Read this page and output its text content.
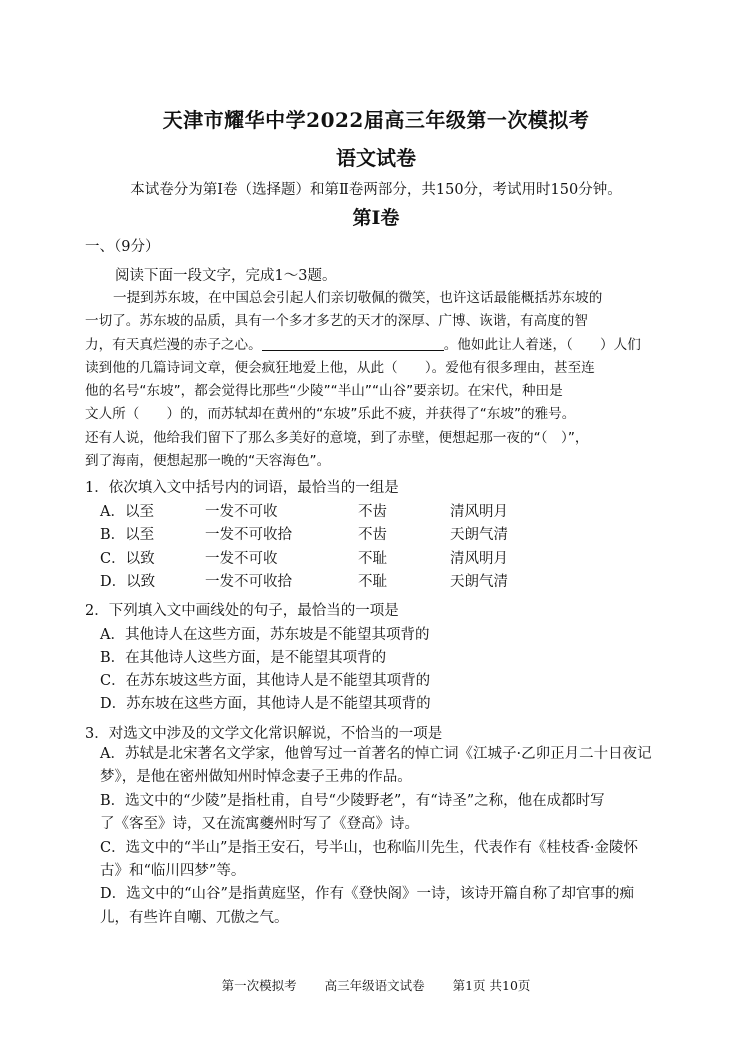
天津市耀华中学2022届高三年级第一次模拟考
语文试卷
本试卷分为第Ⅰ卷（选择题）和第Ⅱ卷两部分，共150分，考试用时150分钟。
第Ⅰ卷
一、（9分）
阅读下面一段文字，完成1～3题。
一提到苏东坡，在中国总会引起人们亲切敬佩的微笑，也许这话最能概括苏东坡的
一切了。苏东坡的品质，具有一个多才多艺的天才的深厚、广博、诙谐，有高度的智
力，有天真烂漫的赤子之心。	。他如此让人着迷，（　　）人们
读到他的几篇诗词文章，便会疯狂地爱上他，从此（　　）。爱他有很多理由，甚至连
他的名号“东坡”，都会觉得比那些“少陵”“半山”“山谷”要亲切。在宋代，种田是
文人所（　　）的，而苏轼却在黄州的“东坡”乐此不疲，并获得了“东坡”的雅号。
还有人说，他给我们留下了那么多美好的意境，到了赤壁，便想起那一夜的“（　）”，
到了海南，便想起那一晚的“天容海色”。
1．依次填入文中括号内的词语，最恰当的一组是
A．以至	一发不可收	不齿	清风明月
B．以至	一发不可收拾	不齿	天朗气清
C．以致	一发不可收	不耻	清风明月
D．以致	一发不可收拾	不耻	天朗气清
2．下列填入文中画线处的句子，最恰当的一项是
A．其他诗人在这些方面，苏东坡是不能望其项背的
B．在其他诗人这些方面，是不能望其项背的
C．在苏东坡这些方面，其他诗人是不能望其项背的
D．苏东坡在这些方面，其他诗人是不能望其项背的
3．对选文中涉及的文学文化常识解说，不恰当的一项是
A．苏轼是北宋著名文学家，他曾写过一首著名的悼亡词《江城子·乙卯正月二十日夜记
梦》，是他在密州做知州时悼念妻子王弗的作品。
B．选文中的“少陵”是指杜甫，自号“少陵野老”，有“诗圣”之称，他在成都时写
了《客至》诗，又在流寓夔州时写了《登高》诗。
C．选文中的“半山”是指王安石，号半山，也称临川先生，代表作有《桂枝香·金陵怀
古》和“临川四梦”等。
D．选文中的“山谷”是指黄庭坚，作有《登快阁》一诗，该诗开篇自称了却官事的痴
儿，有些许自嘲、兀傲之气。
第一次模拟考 高三年级语文试卷 第1页 共10页
